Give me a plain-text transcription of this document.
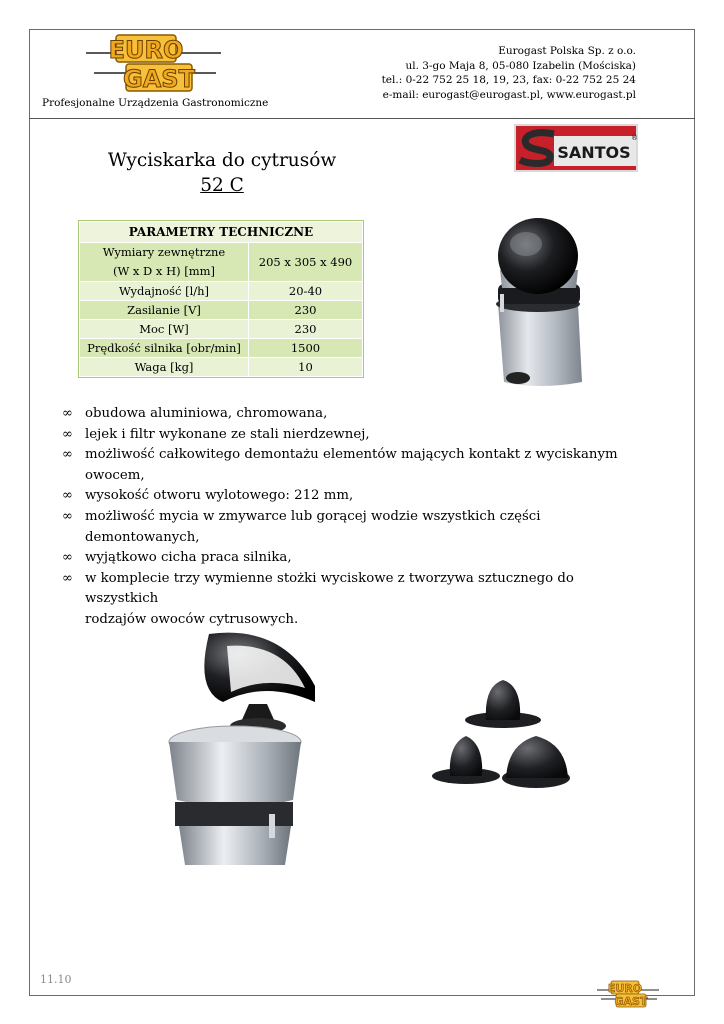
EURO
GAST
Profesjonalne Urządzenia Gastronomiczne
Eurogast Polska Sp. z o.o.
ul. 3-go Maja 8, 05-080 Izabelin (Mościska)
tel.: 0-22 752 25 18, 19, 23, fax: 0-22 752 25 24
e-mail: eurogast@eurogast.pl, www.eurogast.pl
SANTOS
®
Wyciskarka do cytrusów
52 C
PARAMETRY TECHNICZNE	
Wymiary zewnętrzne
(W x D x H) [mm]	205 x 305 x 490
Wydajność [l/h]	20-40
Zasilanie [V]	230
Moc [W]	230
Prędkość silnika [obr/min]	1500
Waga [kg]	10
∞ obudowa aluminiowa, chromowana,
∞ lejek i filtr wykonane ze stali nierdzewnej,
∞ możliwość całkowitego demontażu elementów mających kontakt z wyciskanym
owocem,
∞ wysokość otworu wylotowego: 212 mm,
∞ możliwość mycia w zmywarce lub gorącej wodzie wszystkich części demontowanych,
∞ wyjątkowo cicha praca silnika,
∞ w komplecie trzy wymienne stożki wyciskowe z tworzywa sztucznego do wszystkich
rodzajów owoców cytrusowych.
11.10
EURO
GAST
